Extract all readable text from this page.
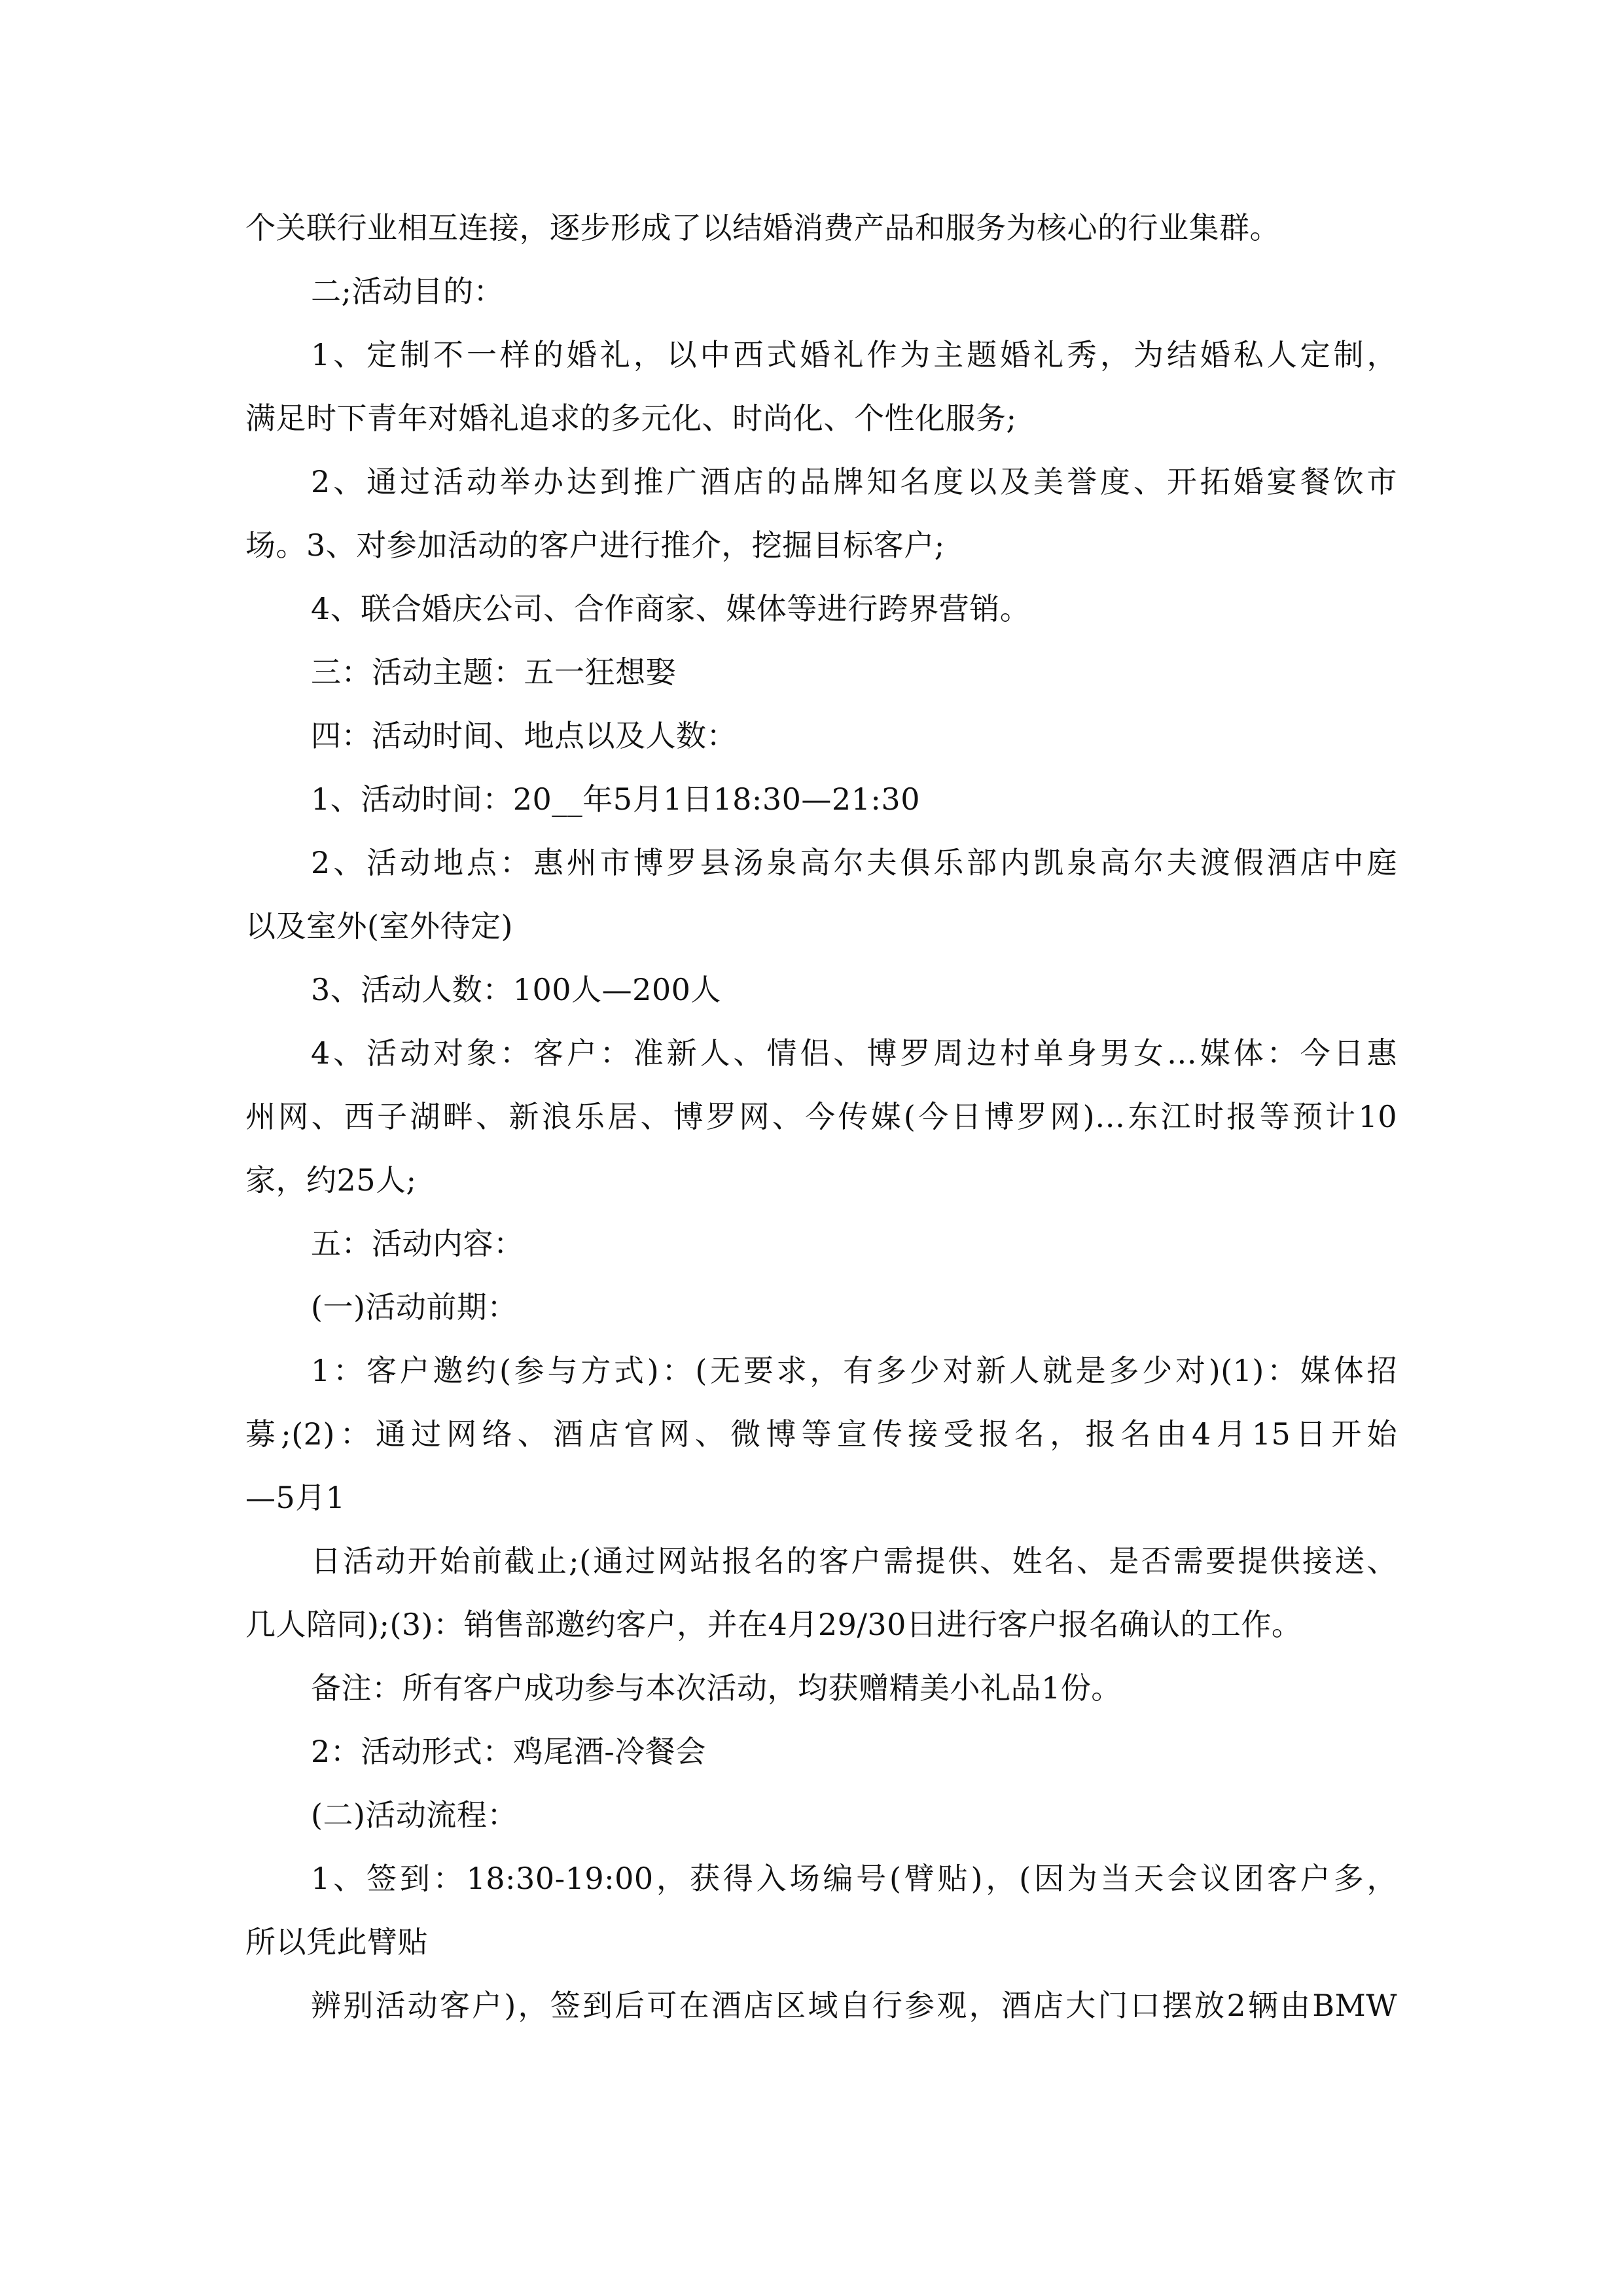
个关联行业相互连接，逐步形成了以结婚消费产品和服务为核心的行业集群。
二;活动目的：
1、定制不一样的婚礼，以中西式婚礼作为主题婚礼秀，为结婚私人定制，
满足时下青年对婚礼追求的多元化、时尚化、个性化服务;
2、通过活动举办达到推广酒店的品牌知名度以及美誉度、开拓婚宴餐饮市
场。3、对参加活动的客户进行推介，挖掘目标客户;
4、联合婚庆公司、合作商家、媒体等进行跨界营销。
三：活动主题：五一狂想娶
四：活动时间、地点以及人数：
1、活动时间：20__年5月1日18:30—21:30
2、活动地点：惠州市博罗县汤泉高尔夫俱乐部内凯泉高尔夫渡假酒店中庭
以及室外(室外待定)
3、活动人数：100人—200人
4、活动对象：客户：准新人、情侣、博罗周边村单身男女…媒体：今日惠
州网、西子湖畔、新浪乐居、博罗网、今传媒(今日博罗网)…东江时报等预计10
家，约25人;
五：活动内容：
(一)活动前期：
1：客户邀约(参与方式)：(无要求，有多少对新人就是多少对)(1)：媒体招
募;(2)：通过网络、酒店官网、微博等宣传接受报名，报名由4月15日开始
—5月1
日活动开始前截止;(通过网站报名的客户需提供、姓名、是否需要提供接送、
几人陪同);(3)：销售部邀约客户，并在4月29/30日进行客户报名确认的工作。
备注：所有客户成功参与本次活动，均获赠精美小礼品1份。
2：活动形式：鸡尾酒-冷餐会
(二)活动流程：
1、签到：18:30-19:00，获得入场编号(臂贴)，(因为当天会议团客户多，
所以凭此臂贴
辨别活动客户)，签到后可在酒店区域自行参观，酒店大门口摆放2辆由BMW
